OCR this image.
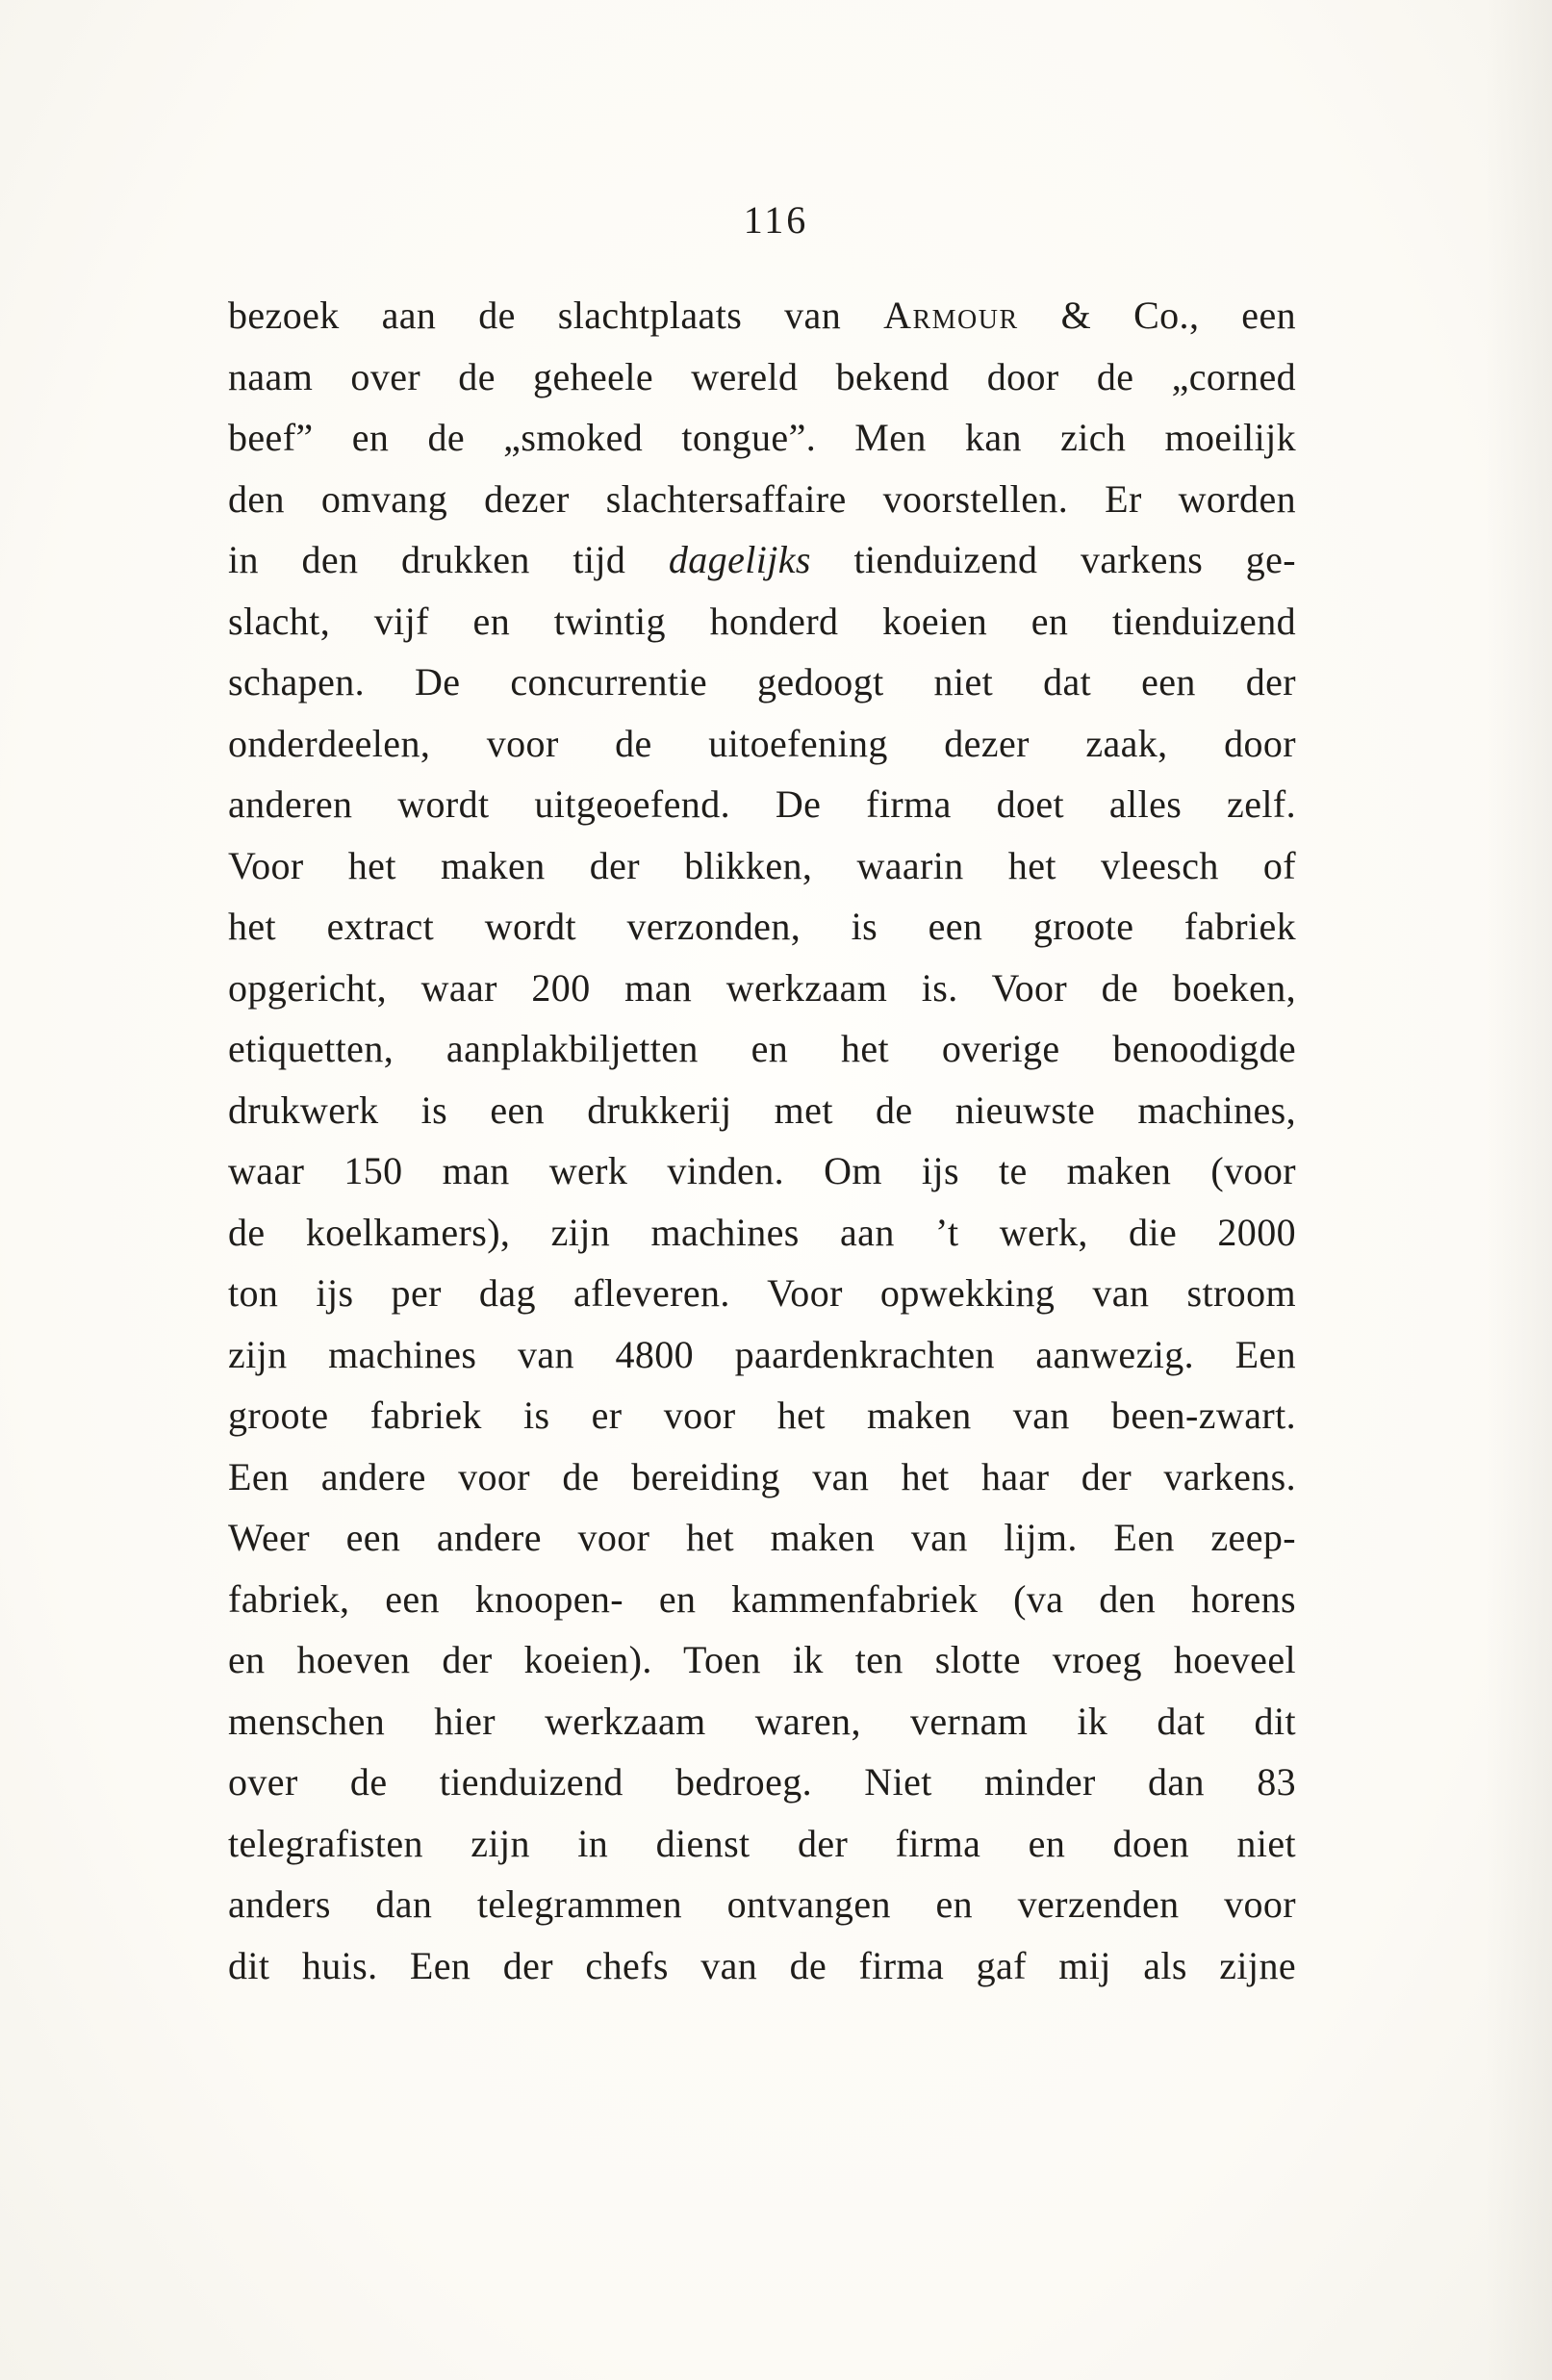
116
bezoek aan de slachtplaats van Armour & Co., een
naam over de geheele wereld bekend door de „corned
beef” en de „smoked tongue”. Men kan zich moeilijk
den omvang dezer slachtersaffaire voorstellen. Er worden
in den drukken tijd dagelijks tienduizend varkens ge-
slacht, vijf en twintig honderd koeien en tienduizend
schapen. De concurrentie gedoogt niet dat een der
onderdeelen, voor de uitoefening dezer zaak, door
anderen wordt uitgeoefend. De firma doet alles zelf.
Voor het maken der blikken, waarin het vleesch of
het extract wordt verzonden, is een groote fabriek
opgericht, waar 200 man werkzaam is. Voor de boeken,
etiquetten, aanplakbiljetten en het overige benoodigde
drukwerk is een drukkerij met de nieuwste machines,
waar 150 man werk vinden. Om ijs te maken (voor
de koelkamers), zijn machines aan ’t werk, die 2000
ton ijs per dag afleveren. Voor opwekking van stroom
zijn machines van 4800 paardenkrachten aanwezig. Een
groote fabriek is er voor het maken van been-zwart.
Een andere voor de bereiding van het haar der varkens.
Weer een andere voor het maken van lijm. Een zeep-
fabriek, een knoopen- en kammenfabriek (va den horens
en hoeven der koeien). Toen ik ten slotte vroeg hoeveel
menschen hier werkzaam waren, vernam ik dat dit
over de tienduizend bedroeg. Niet minder dan 83
telegrafisten zijn in dienst der firma en doen niet
anders dan telegrammen ontvangen en verzenden voor
dit huis. Een der chefs van de firma gaf mij als zijne
